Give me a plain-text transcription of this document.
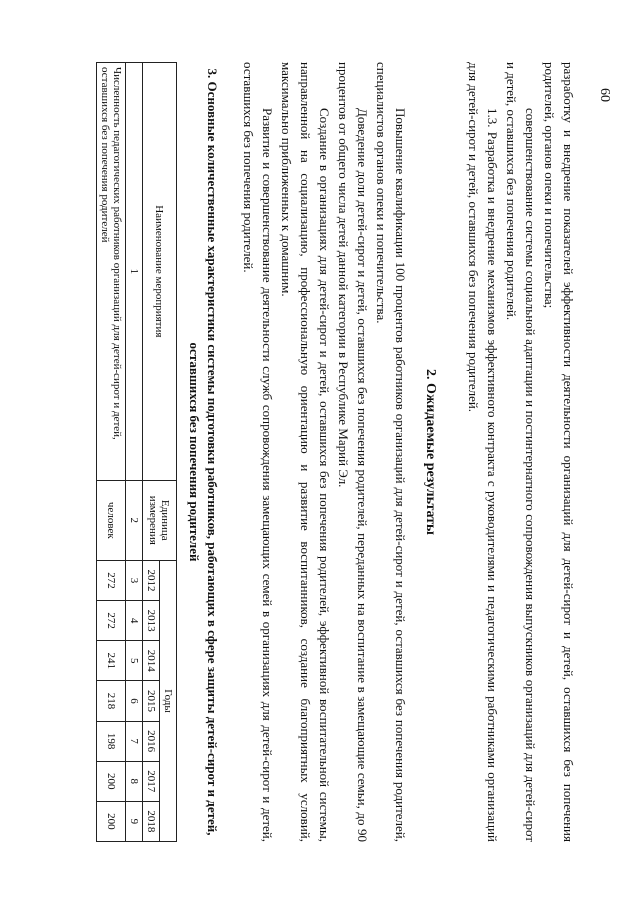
60

разработку и внедрение показателей эффективности деятельности организаций для детей-сирот и детей, оставшихся без попечения родителей, органов опеки и попечительства;

совершенствование системы социальной адаптации и постинтернатного сопровождения выпускников организаций для детей-сирот и детей, оставшихся без попечения родителей.

1.3. Разработка и внедрение механизмов эффективного контракта с руководителями и педагогическими работниками организаций для детей-сирот и детей, оставшихся без попечения родителей.

2. Ожидаемые результаты

Повышение квалификации 100 процентов работников организаций для детей-сирот и детей, оставшихся без попечения родителей, специалистов органов опеки и попечительства.

Доведение доли детей-сирот и детей, оставшихся без попечения родителей, переданных на воспитание в замещающие семьи, до 90 процентов от общего числа детей данной категории в Республике Марий Эл.

Создание в организациях для детей-сирот и детей, оставшихся без попечения родителей, эффективной воспитательной системы, направленной на социализацию, профессиональную ориентацию и развитие воспитанников, создание благоприятных условий, максимально приближенных к домашним.

Развитие и совершенствование деятельности служб сопровождения замещающих семей в организациях для детей-сирот и детей, оставшихся без попечения родителей.

3. Основные количественные характеристики системы подготовки работников, работающих в сфере защиты детей-сирот и детей, оставшихся без попечения родителей
Наименование мероприятия	Единица измерения	Годы						
		2012	2013	2014	2015	2016	2017	2018
1	2	3	4	5	6	7	8	9
Численность педагогических работников организаций для детей-сирот и детей, оставшихся без попечения родителей	человек	272	272	241	218	198	200	200
